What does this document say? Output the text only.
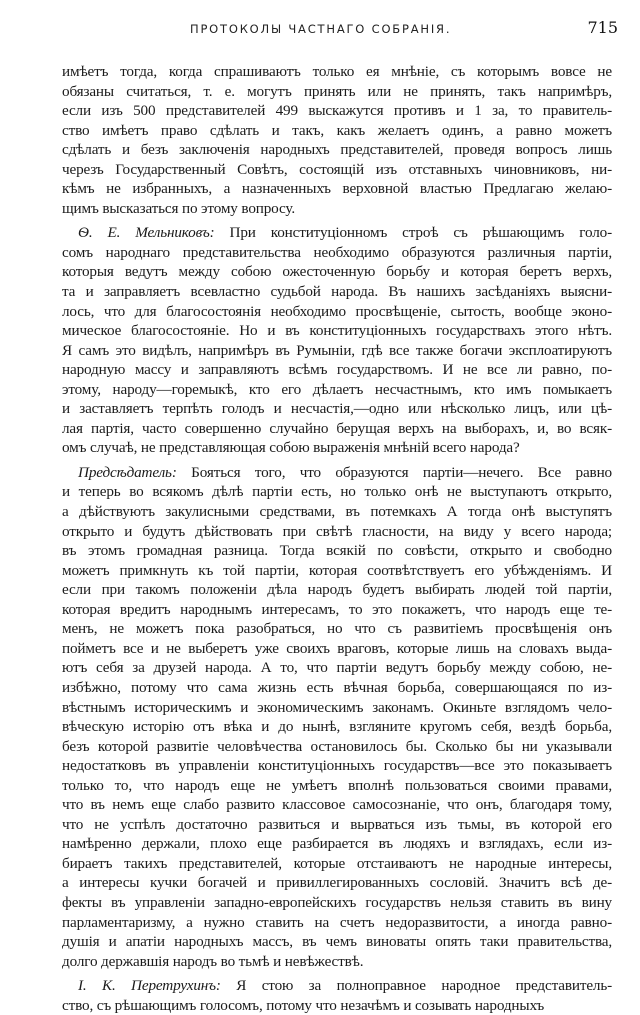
ПРОТОКОЛЫ ЧАСТНАГО СОБРАНІЯ.	715
имѣетъ тогда, когда спрашиваютъ только ея мнѣніе, съ которымъ вовсе не
обязаны считаться, т. е. могутъ принять или не принять, такъ напримѣръ,
если изъ 500 представителей 499 выскажутся противъ и 1 за, то правитель-
ство имѣетъ право сдѣлать и такъ, какъ желаетъ одинъ, а равно можетъ
сдѣлать и безъ заключенія народныхъ представителей, проведя вопросъ лишь
черезъ Государственный Совѣтъ, состоящій изъ отставныхъ чиновниковъ, ни-
кѣмъ не избранныхъ, а назначенныхъ верховной властью Предлагаю желаю-
щимъ высказаться по этому вопросу.
Ѳ. Е. Мельниковъ: При конституціонномъ строѣ съ рѣшающимъ голо-
сомъ народнаго представительства необходимо образуются различныя партіи,
которыя ведутъ между собою ожесточенную борьбу и которая беретъ верхъ,
та и заправляетъ всевластно судьбой народа. Въ нашихъ засѣданіяхъ выясни-
лось, что для благосостоянія необходимо просвѣщеніе, сытость, вообще эконо-
мическое благосостояніе. Но и въ конституціонныхъ государствахъ этого нѣтъ.
Я самъ это видѣлъ, напримѣръ въ Румыніи, гдѣ все также богачи эксплоатируютъ
народную массу и заправляютъ всѣмъ государствомъ. И не все ли равно, по-
этому, народу—горемыкѣ, кто его дѣлаетъ несчастнымъ, кто имъ помыкаетъ
и заставляетъ терпѣть голодъ и несчастія,—одно или нѣсколько лицъ, или цѣ-
лая партія, часто совершенно случайно берущая верхъ на выборахъ, и, во всяк-
омъ случаѣ, не представляющая собою выраженія мнѣній всего народа?
Предсѣдатель: Бояться того, что образуются партіи—нечего. Все равно
и теперь во всякомъ дѣлѣ партіи есть, но только онѣ не выступаютъ открыто,
а дѣйствуютъ закулисными средствами, въ потемкахъ А тогда онѣ выступятъ
открыто и будутъ дѣйствовать при свѣтѣ гласности, на виду у всего народа;
въ этомъ громадная разница. Тогда всякій по совѣсти, открыто и свободно
можетъ примкнуть къ той партіи, которая соотвѣтствуетъ его убѣжденіямъ. И
если при такомъ положеніи дѣла народъ будетъ выбирать людей той партіи,
которая вредитъ народнымъ интересамъ, то это покажетъ, что народъ еще те-
менъ, не можетъ пока разобраться, но что съ развитіемъ просвѣщенія онъ
пойметъ все и не выберетъ уже своихъ враговъ, которые лишь на словахъ выда-
ютъ себя за друзей народа. А то, что партіи ведутъ борьбу между собою, не-
избѣжно, потому что сама жизнь есть вѣчная борьба, совершающаяся по из-
вѣстнымъ историческимъ и экономическимъ законамъ. Окиньте взглядомъ чело-
вѣческую исторію отъ вѣка и до нынѣ, взгляните кругомъ себя, вездѣ борьба,
безъ которой развитіе человѣчества остановилось бы. Сколько бы ни указывали
недостатковъ въ управленіи конституціонныхъ государствъ—все это показываетъ
только то, что народъ еще не умѣетъ вполнѣ пользоваться своими правами,
что въ немъ еще слабо развито классовое самосознаніе, что онъ, благодаря тому,
что не успѣлъ достаточно развиться и вырваться изъ тьмы, въ которой его
намѣренно держали, плохо еще разбирается въ людяхъ и взглядахъ, если из-
бираетъ такихъ представителей, которые отстаиваютъ не народные интересы,
а интересы кучки богачей и привиллегированныхъ сословій. Значитъ всѣ де-
фекты въ управленіи западно-европейскихъ государствъ нельзя ставить въ вину
парламентаризму, а нужно ставить на счетъ недоразвитости, а иногда равно-
душія и апатіи народныхъ массъ, въ чемъ виноваты опять таки правительства,
долго державшія народъ во тьмѣ и невѣжествѣ.
І. К. Перетрухинъ: Я стою за полноправное народное представитель-
ство, съ рѣшающимъ голосомъ, потому что незачѣмъ и созывать народныхъ
